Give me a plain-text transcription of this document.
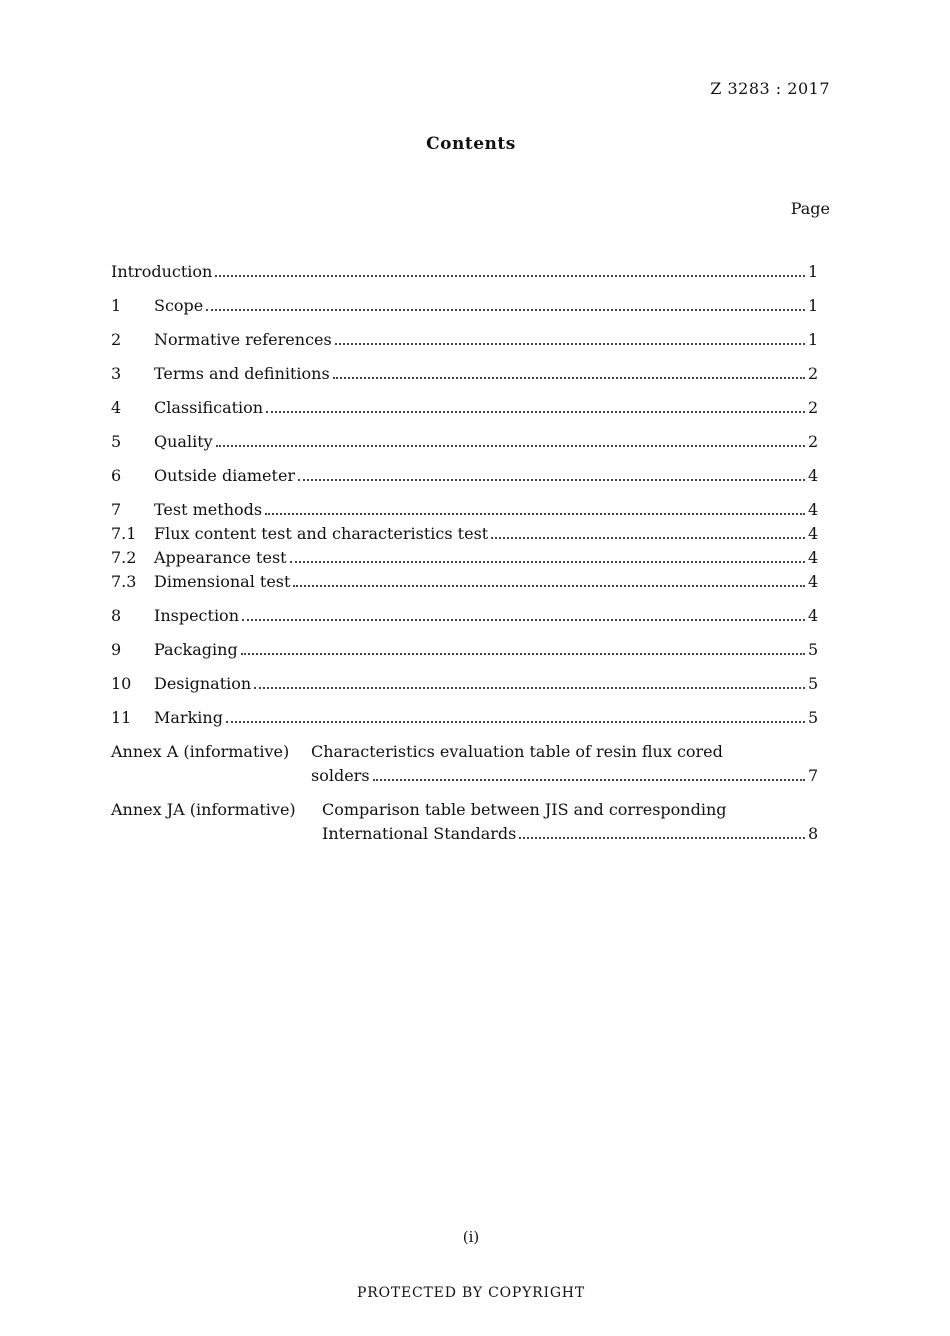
Z 3283 : 2017
Contents
Page
Introduction	1
1 Scope	1
2 Normative references	1
3 Terms and definitions	2
4 Classification	2
5 Quality	2
6 Outside diameter	4
7 Test methods	4
7.1 Flux content test and characteristics test	4
7.2 Appearance test	4
7.3 Dimensional test	4
8 Inspection	4
9 Packaging	5
10 Designation	5
11 Marking	5
Annex A (informative) Characteristics evaluation table of resin flux cored
solders	7
Annex JA (informative) Comparison table between JIS and corresponding
International Standards	8
(i)
PROTECTED BY COPYRIGHT
